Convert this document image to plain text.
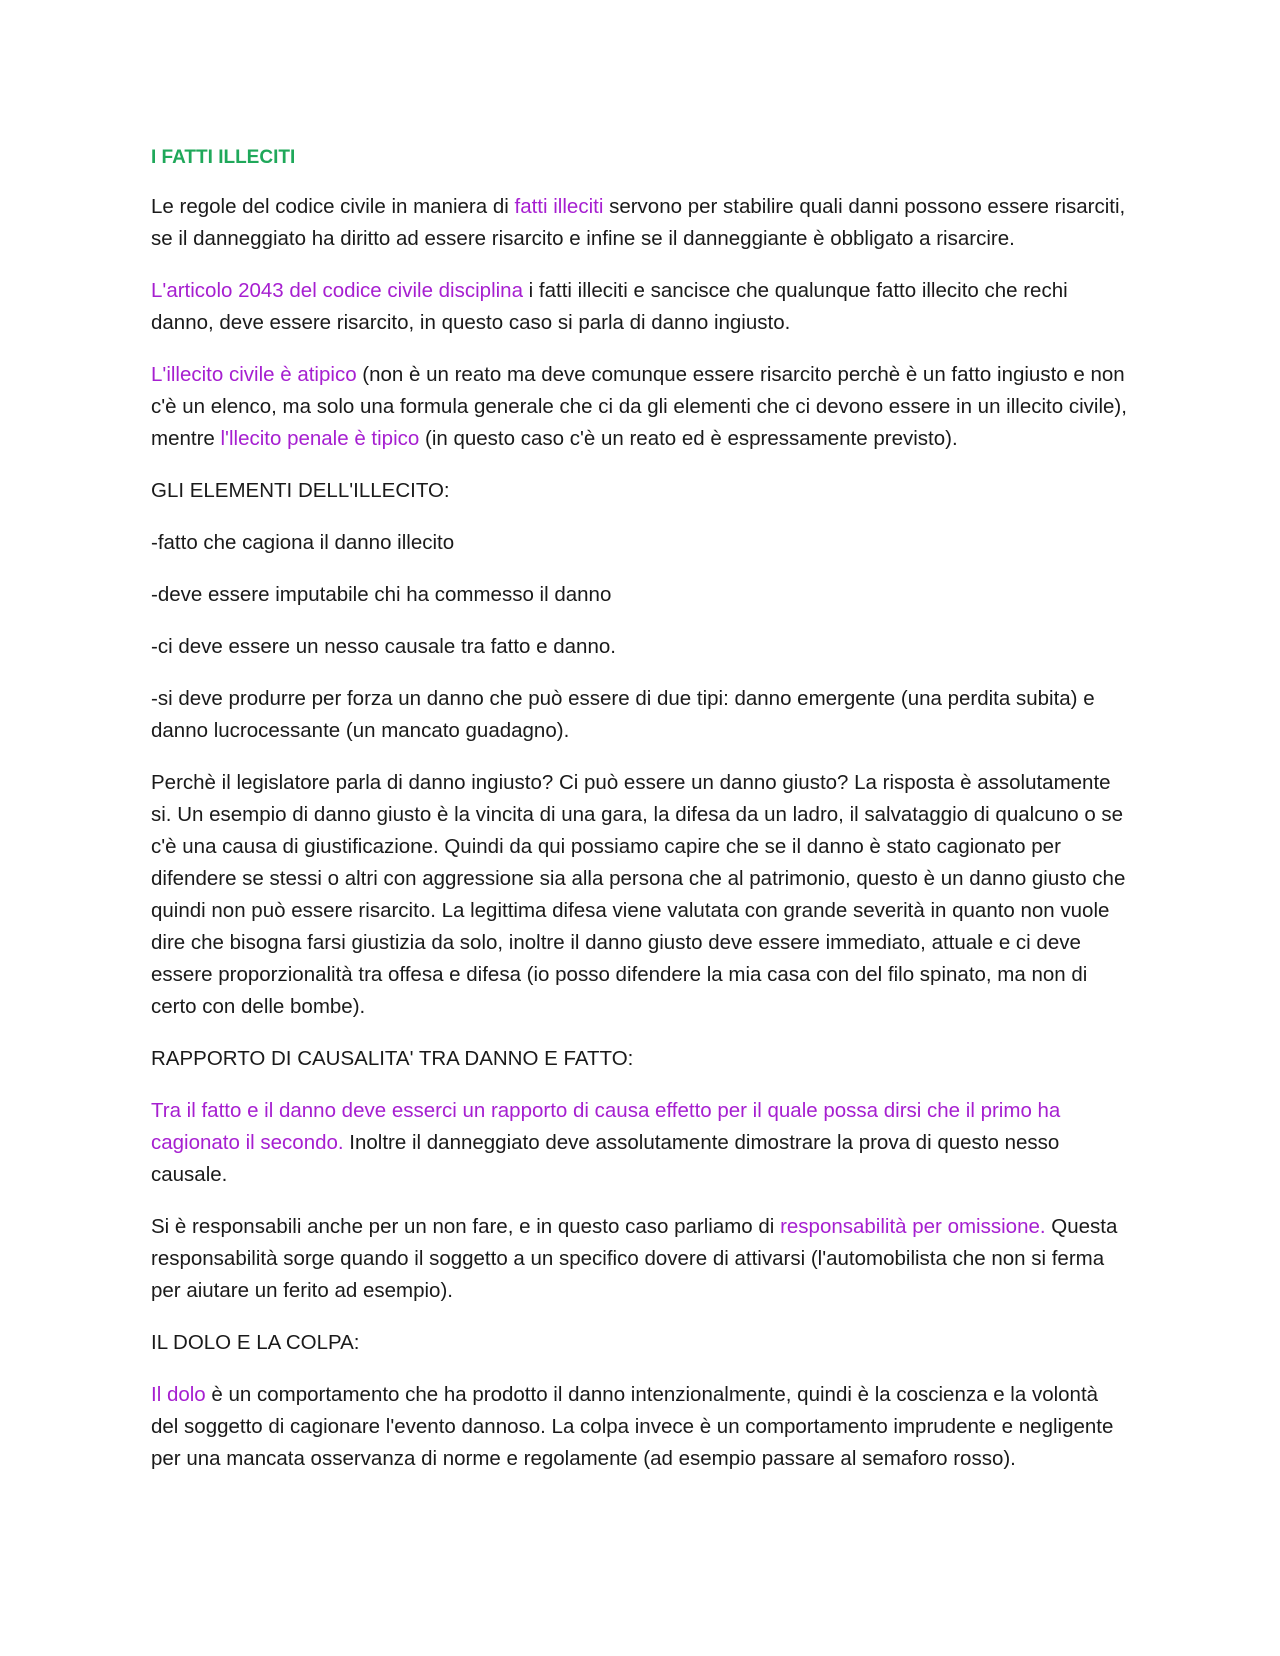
I FATTI ILLECITI

Le regole del codice civile in maniera di fatti illeciti servono per stabilire quali danni possono essere risarciti, se il danneggiato ha diritto ad essere risarcito e infine se il danneggiante è obbligato a risarcire.

L'articolo 2043 del codice civile disciplina i fatti illeciti e sancisce che qualunque fatto illecito che rechi danno, deve essere risarcito, in questo caso si parla di danno ingiusto.

L'illecito civile è atipico (non è un reato ma deve comunque essere risarcito perchè è un fatto ingiusto e non c'è un elenco, ma solo una formula generale che ci da gli elementi che ci devono essere in un illecito civile), mentre l'llecito penale è tipico (in questo caso c'è un reato ed è espressamente previsto).

GLI ELEMENTI DELL'ILLECITO:

-fatto che cagiona il danno illecito

-deve essere imputabile chi ha commesso il danno

-ci deve essere un nesso causale tra fatto e danno.

-si deve produrre per forza un danno che può essere di due tipi: danno emergente (una perdita subita) e danno lucrocessante (un mancato guadagno).

Perchè il legislatore parla di danno ingiusto? Ci può essere un danno giusto? La risposta è assolutamente si. Un esempio di danno giusto è la vincita di una gara, la difesa da un ladro, il salvataggio di qualcuno o se c'è una causa di giustificazione. Quindi da qui possiamo capire che se il danno è stato cagionato per difendere se stessi o altri con aggressione sia alla persona che al patrimonio, questo è un danno giusto che quindi non può essere risarcito. La legittima difesa viene valutata con grande severità in quanto non vuole dire che bisogna farsi giustizia da solo, inoltre il danno giusto deve essere immediato, attuale e ci deve essere proporzionalità tra offesa e difesa (io posso difendere la mia casa con del filo spinato, ma non di certo con delle bombe).

RAPPORTO DI CAUSALITA' TRA DANNO E FATTO:

Tra il fatto e il danno deve esserci un rapporto di causa effetto per il quale possa dirsi che il primo ha cagionato il secondo. Inoltre il danneggiato deve assolutamente dimostrare la prova di questo nesso causale.

Si è responsabili anche per un non fare, e in questo caso parliamo di responsabilità per omissione. Questa responsabilità sorge quando il soggetto a un specifico dovere di attivarsi (l'automobilista che non si ferma per aiutare un ferito ad esempio).

IL DOLO E LA COLPA:

Il dolo è un comportamento che ha prodotto il danno intenzionalmente, quindi è la coscienza e la volontà del soggetto di cagionare l'evento dannoso. La colpa invece è un comportamento imprudente e negligente per una mancata osservanza di norme e regolamente (ad esempio passare al semaforo rosso).
